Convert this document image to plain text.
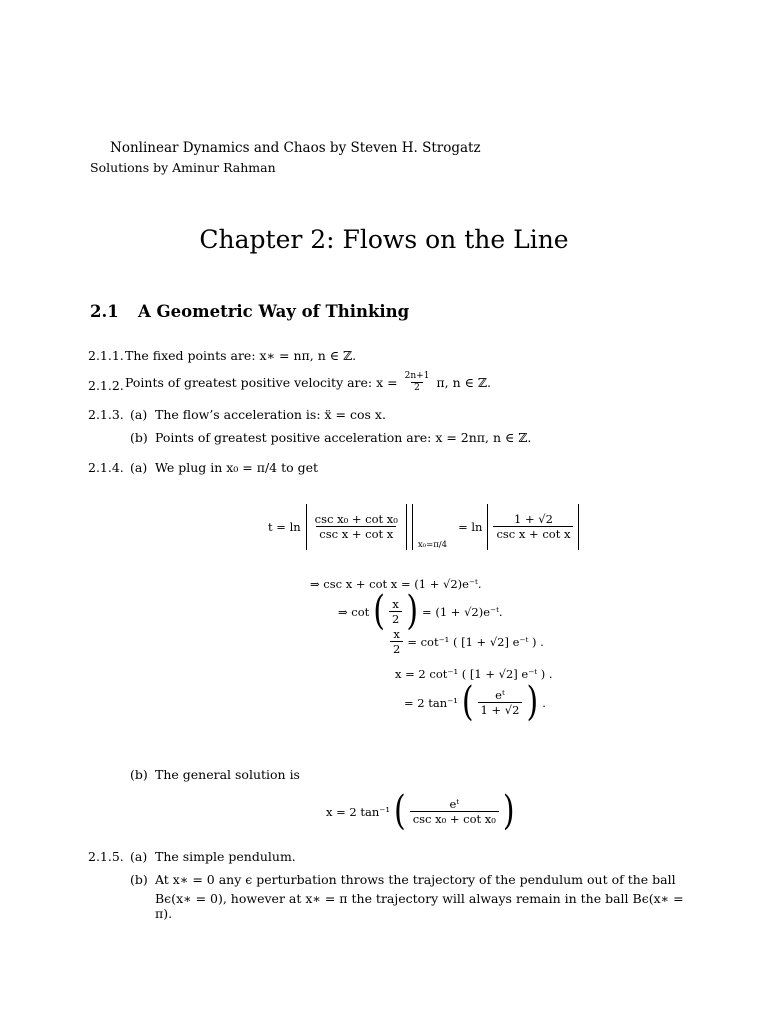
Nonlinear Dynamics and Chaos by Steven H. Strogatz
Solutions by Aminur Rahman
Chapter 2: Flows on the Line
2.1 A Geometric Way of Thinking
2.1.1. The fixed points are: x∗ = nπ, n ∈ ℤ.
2.1.2. Points of greatest positive velocity are: $x = \frac{2n+1}{2} \pi$, n ∈ ℤ.
2.1.3. (a) The flow’s acceleration is: ẍ = cos x.
(b) Points of greatest positive acceleration are: x = 2nπ, n ∈ ℤ.
2.1.4. (a) We plug in x₀ = π/4 to get
$t = \ln \frac{\text{csc x₀ + cot x₀}}{\text{csc x + cot x}}$
x₀=π/4
= $\ln \frac{1 + √2}{\text{csc x + cot x}}$
⇒ csc x + cot x = (1 + √2)e⁻ᵗ.
⇒ cot ( $\frac{x}{2}$ ) = (1 + √2)e⁻ᵗ.
$\frac{x}{2} = \cot^{-1}$ ( [1 + √2] e⁻ᵗ ) .
x = 2 cot⁻¹ ( [1 + √2] e⁻ᵗ ) .
= 2 tan⁻¹ ( $\frac{\text{eᵗ}}{1 + √2}$ ) .
(b) The general solution is
x = 2 tan⁻¹ ( $\frac{\text{eᵗ}}{\text{csc x₀ + cot x₀}}$ )
2.1.5. (a) The simple pendulum.
(b) At x∗ = 0 any ϵ perturbation throws the trajectory of the pendulum out of the ball
Bϵ(x∗ = 0), however at x∗ = π the trajectory will always remain in the ball Bϵ(x∗ = π).
